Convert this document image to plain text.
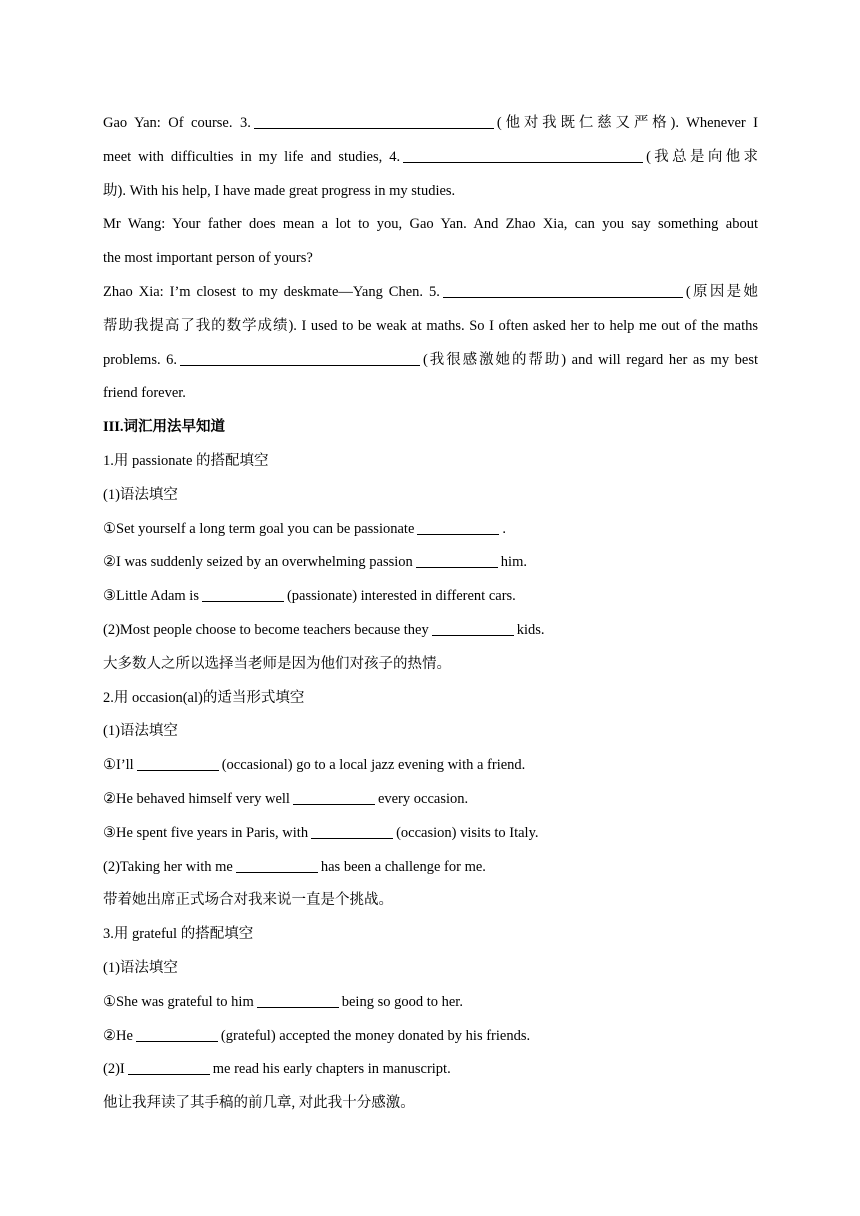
Gao Yan: Of course. 3.	(他对我既仁慈又严格). Whenever I
meet with difficulties in my life and studies, 4.	(我总是向他求
助). With his help, I have made great progress in my studies.
Mr Wang: Your father does mean a lot to you, Gao Yan. And Zhao Xia, can you say something about
the most important person of yours?
Zhao Xia: I’m closest to my deskmate—Yang Chen. 5.	(原因是她
帮助我提高了我的数学成绩). I used to be weak at maths. So I often asked her to help me out of the maths
problems. 6.	(我很感激她的帮助) and will regard her as my best
friend forever.
III.词汇用法早知道
1.用 passionate 的搭配填空
(1)语法填空
①Set yourself a long term goal you can be passionate	.
②I was suddenly seized by an overwhelming passion	him.
③Little Adam is	(passionate) interested in different cars.
(2)Most people choose to become teachers because they	kids.
大多数人之所以选择当老师是因为他们对孩子的热情。
2.用 occasion(al)的适当形式填空
(1)语法填空
①I’ll	(occasional) go to a local jazz evening with a friend.
②He behaved himself very well	every occasion.
③He spent five years in Paris, with	(occasion) visits to Italy.
(2)Taking her with me	has been a challenge for me.
带着她出席正式场合对我来说一直是个挑战。
3.用 grateful 的搭配填空
(1)语法填空
①She was grateful to him	being so good to her.
②He	(grateful) accepted the money donated by his friends.
(2)I	me read his early chapters in manuscript.
他让我拜读了其手稿的前几章, 对此我十分感激。
